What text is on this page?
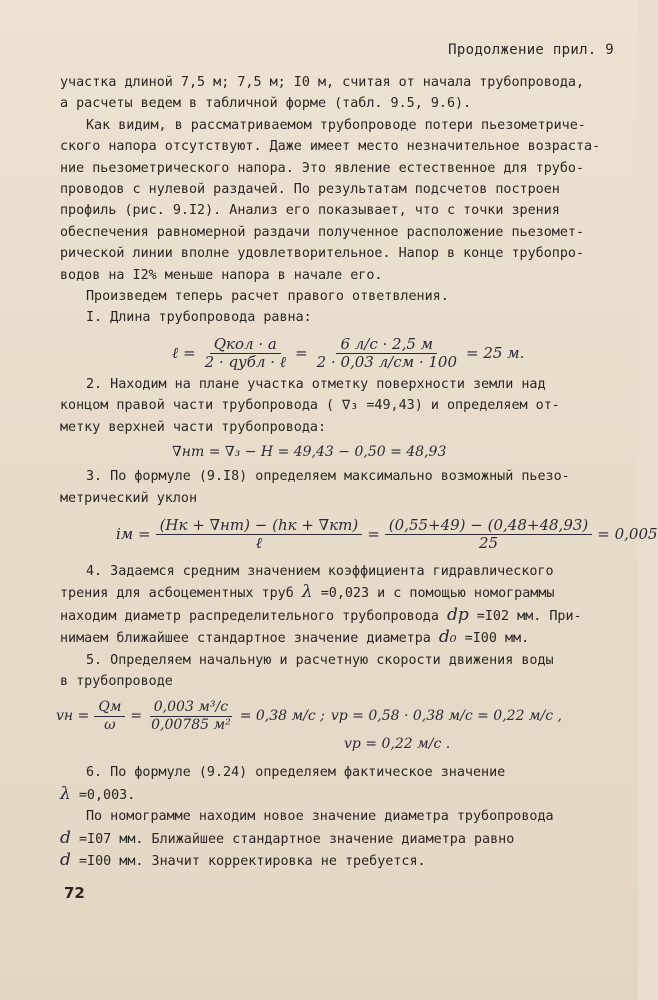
Продолжение прил. 9

участка длиной 7,5 м; 7,5 м; I0 м, считая от начала трубопровода,

а расчеты ведем в табличной форме (табл. 9.5, 9.6).

Как видим, в рассматриваемом трубопроводе потери пьезометриче-

ского напора отсутствуют. Даже имеет место незначительное возраста-

ние пьезометрического напора. Это явление естественное для трубо-

проводов с нулевой раздачей. По результатам подсчетов построен

профиль (рис. 9.I2). Анализ его показывает, что с точки зрения

обеспечения равномерной раздачи полученное расположение пьезомет-

рической линии вполне удовлетворительное. Напор в конце трубопро-

водов на I2% меньше напора в начале его.

Произведем теперь расчет правого ответвления.

I. Длина трубопровода равна:

ℓ = $\frac{\text{Qкол · a}}{\text{2 · qубл · ℓ}} = \frac{6 л/с \cdot 2,5 м}{2 \cdot 0,03 л/см \cdot 100} = 25$ м.

2. Находим на плане участка отметку поверхности земли над

концом правой части трубопровода ( ∇₃ =49,43) и определяем от-

метку верхней части трубопровода:

∇нт = ∇₃ − H = 49,43 − 0,50 = 48,93

3. По формуле (9.I8) определяем максимально возможный пьезо-

метрический уклон

iм = $\frac{(Hк + \nabla нт) - (hк + \nabla кт)}{\text{ℓ}} = \frac{(0,55+49) - (0,48+48,93)}{25} = 0,005$

4. Задаемся средним значением коэффициента гидравлического

трения для асбоцементных труб λ =0,023 и с помощью номограммы

находим диаметр распределительного трубопровода dр =I02 мм. При-

нимаем ближайшее стандартное значение диаметра d₀ =I00 мм.

5. Определяем начальную и расчетную скорости движения воды

в трубопроводе

vн = $\frac{Qм}{\omega} = \frac{\text{0,003 м³/с}}{\text{0,00785 м²}} = 0,38$ м/с ; vр = 0,58 · 0,38 м/с = 0,22 м/с ,
vр = 0,22 м/с .

6. По формуле (9.24) определяем фактическое значение

λ =0,003.

По номограмме находим новое значение диаметра трубопровода

d =I07 мм. Ближайшее стандартное значение диаметра равно

d =I00 мм. Значит корректировка не требуется.

72
